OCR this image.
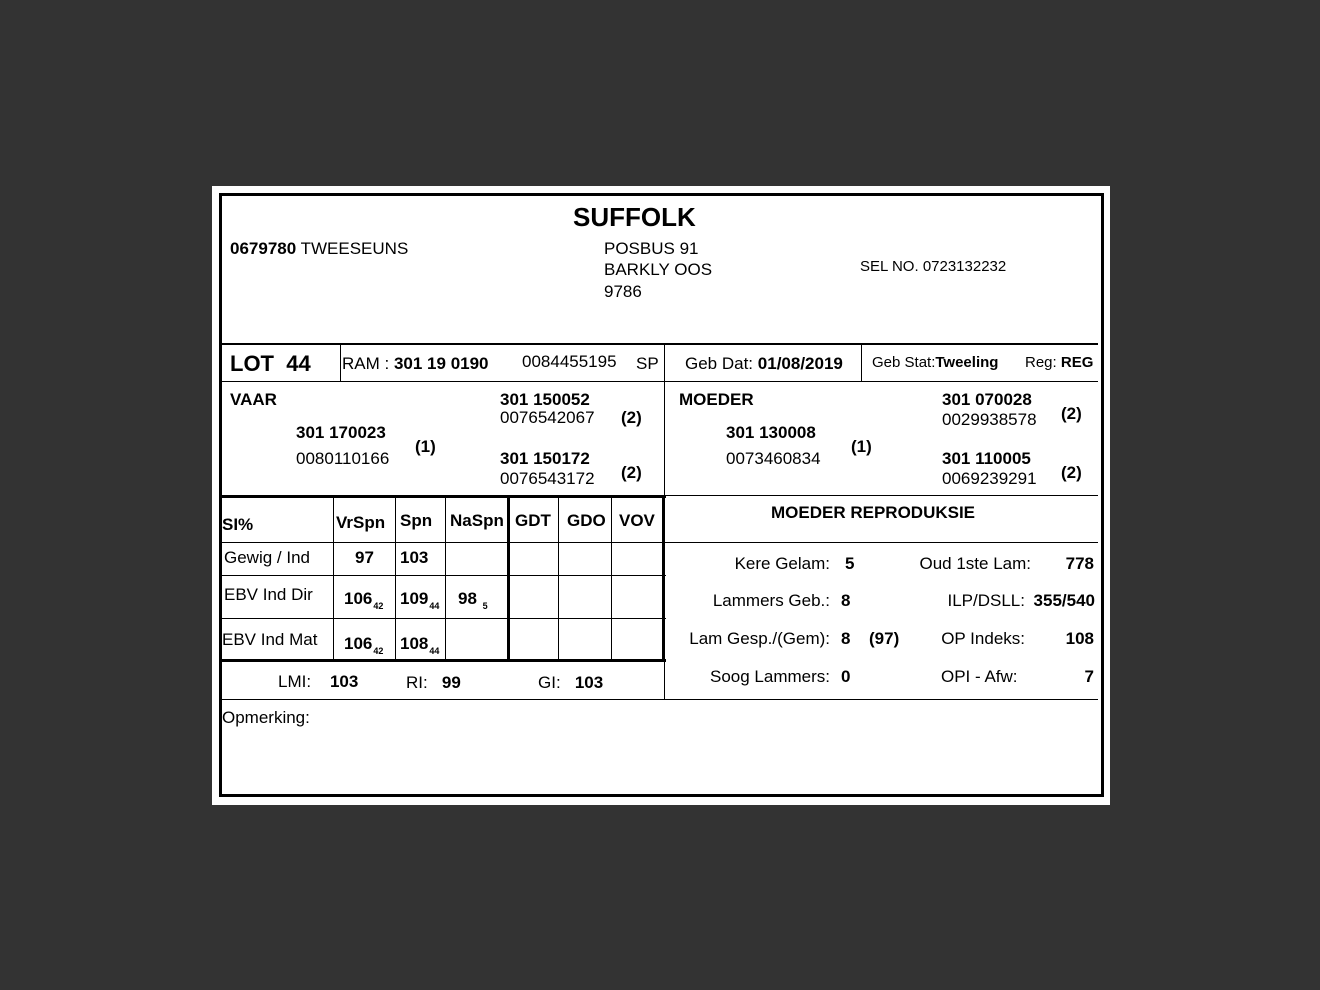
SUFFOLK
0679780 TWEESEUNS	POSBUS 91
BARKLY OOS
9786
SEL NO. 0723132232
LOT 44 RAM : 301 19 0190 0084455195 SP Geb Dat: 01/08/2019 Geb Stat:Tweeling Reg: REG
VAAR
301 170023
0080110166
(1)
301 150052
0076542067 (2)
301 150172
0076543172 (2)
MOEDER
301 130008
0073460834
(1)
301 070028
0029938578 (2)
301 110005
0069239291 (2)
SI%	VrSpn Spn NaSpn GDT GDO VOV
Gewig / Ind	97 103
EBV Ind Dir $106_{42}$ $109_{44}$ 98 $_5$
EBV Ind Mat $106_{42}$ $108_{44}$
LMI: 103	RI: 99	GI: 103
MOEDER REPRODUKSIE
Kere Gelam: 5	Oud 1ste Lam:	778
Lammers Geb.: 8	ILP/DSLL: 355/540
Lam Gesp./(Gem): 8 (97)	OP Indeks:	108
Soog Lammers: 0	OPI - Afw:	7
Opmerking:
